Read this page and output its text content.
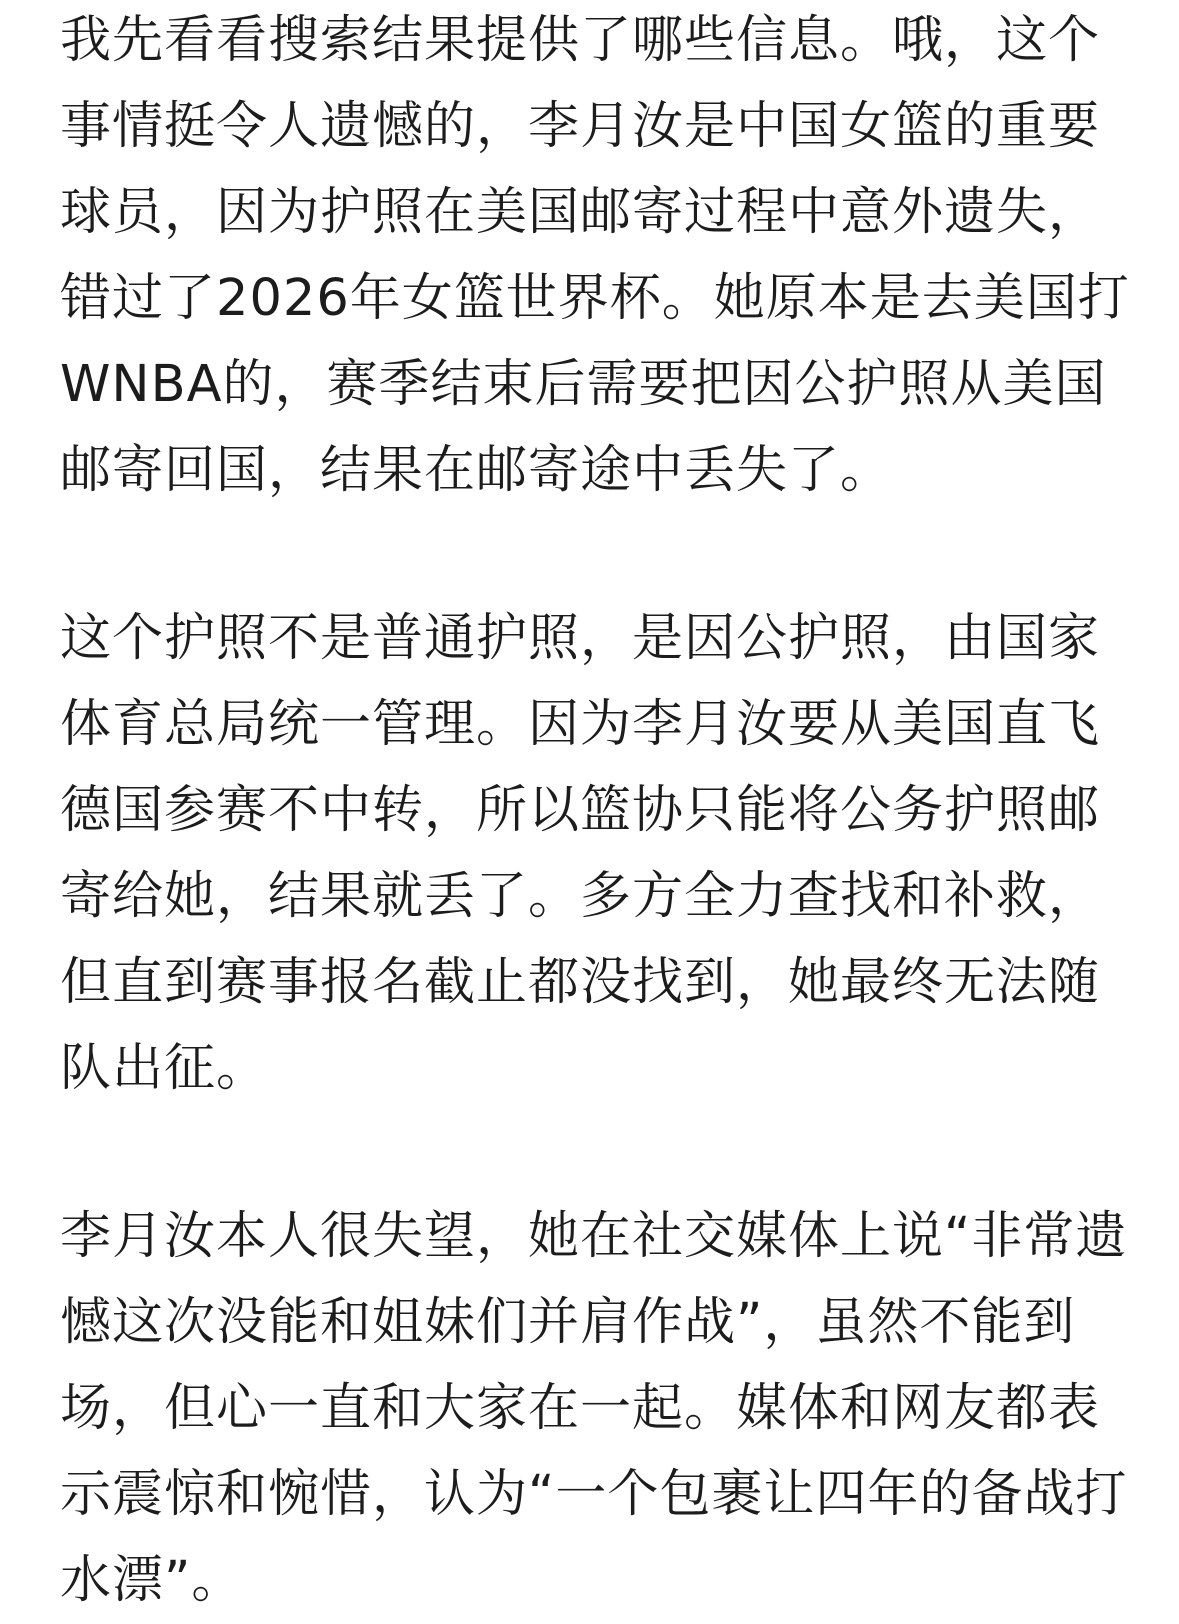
我先看看搜索结果提供了哪些信息。哦，这个
事情挺令人遗憾的，李月汝是中国女篮的重要
球员，因为护照在美国邮寄过程中意外遗失，
错过了2026年女篮世界杯。她原本是去美国打
WNBA的，赛季结束后需要把因公护照从美国
邮寄回国，结果在邮寄途中丢失了。

这个护照不是普通护照，是因公护照，由国家
体育总局统一管理。因为李月汝要从美国直飞
德国参赛不中转，所以篮协只能将公务护照邮
寄给她，结果就丢了。多方全力查找和补救，
但直到赛事报名截止都没找到，她最终无法随
队出征。

李月汝本人很失望，她在社交媒体上说“非常遗
憾这次没能和姐妹们并肩作战”，虽然不能到
场，但心一直和大家在一起。媒体和网友都表
示震惊和惋惜，认为“一个包裹让四年的备战打
水漂”。
